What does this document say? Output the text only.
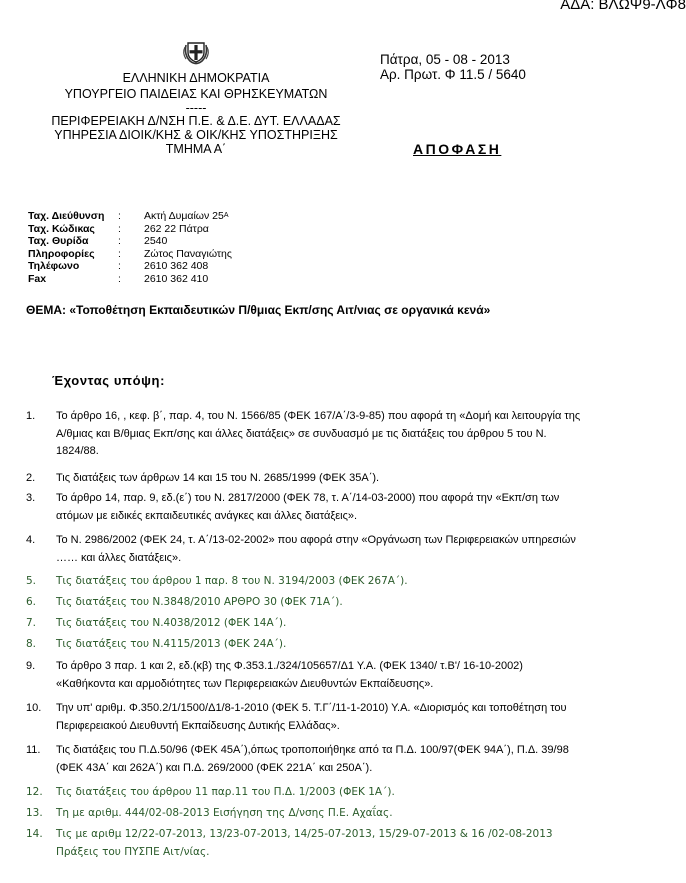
ΑΔΑ: ΒΛΩΨ9-ΛΦ8
ΕΛΛΗΝΙΚΗ ΔΗΜΟΚΡΑΤΙΑ
ΥΠΟΥΡΓΕΙΟ ΠΑΙΔΕΙΑΣ ΚΑΙ ΘΡΗΣΚΕΥΜΑΤΩΝ
-----
ΠΕΡΙΦΕΡΕΙΑΚΗ Δ/ΝΣΗ Π.Ε. & Δ.Ε. ΔΥΤ. ΕΛΛΑΔΑΣ
ΥΠΗΡΕΣΙΑ ΔΙΟΙΚ/ΚΗΣ & ΟΙΚ/ΚΗΣ ΥΠΟΣΤΗΡΙΞΗΣ
ΤΜΗΜΑ Α΄
Πάτρα, 05 - 08 - 2013
Αρ. Πρωτ. Φ 11.5 / 5640
ΑΠΟΦΑΣΗ
Ταχ. Διεύθυνση	:	Ακτή Δυμαίων 25 Α
Ταχ. Κώδικας	:	262 22 Πάτρα
Ταχ. Θυρίδα	:	2540
Πληροφορίες	:	Ζώτος Παναγιώτης
Τηλέφωνο	:	2610 362 408
Fax	:	2610 362 410
ΘΕΜΑ: «Τοποθέτηση Εκπαιδευτικών Π/θμιας Εκπ/σης Αιτ/νιας σε οργανικά κενά»
Έχοντας υπόψη:
1.	Το άρθρο 16, , κεφ. β΄, παρ. 4, του Ν. 1566/85 (ΦΕΚ 167/Α΄/3-9-85) που αφορά τη «Δομή και λειτουργία της
Α/θμιας και Β/θμιας Εκπ/σης και άλλες διατάξεις» σε συνδυασμό με τις διατάξεις του άρθρου 5 του Ν.
1824/88.
2.	Τις διατάξεις των άρθρων 14 και 15 του Ν. 2685/1999 (ΦΕΚ 35Α΄).
3.	Το άρθρο 14, παρ. 9, εδ.(ε΄) του Ν. 2817/2000 (ΦΕΚ 78, τ. Α΄/14-03-2000) που αφορά την «Εκπ/ση των
ατόμων με ειδικές εκπαιδευτικές ανάγκες και άλλες διατάξεις».
4.	Το Ν. 2986/2002 (ΦΕΚ 24, τ. Α΄/13-02-2002» που αφορά στην «Οργάνωση των Περιφερειακών υπηρεσιών
…… και άλλες διατάξεις».
5.	Τις διατάξεις του άρθρου 1 παρ. 8 του Ν. 3194/2003 (ΦΕΚ 267Α΄).
6.	Τις διατάξεις του Ν.3848/2010 ΑΡΘΡΟ 30 (ΦΕΚ 71Α΄).
7.	Τις διατάξεις του Ν.4038/2012 (ΦΕΚ 14Α΄).
8.	Τις διατάξεις του Ν.4115/2013 (ΦΕΚ 24Α΄).
9.	Το άρθρο 3 παρ. 1 και 2, εδ.(κβ) της Φ.353.1./324/105657/Δ1 Υ.Α. (ΦΕΚ 1340/ τ.Β'/ 16-10-2002)
«Καθήκοντα και αρμοδιότητες των Περιφερειακών Διευθυντών Εκπαίδευσης».
10.	Την υπ' αριθμ. Φ.350.2/1/1500/Δ1/8-1-2010 (ΦΕΚ 5. Τ.Γ΄/11-1-2010) Υ.Α. «Διορισμός και τοποθέτηση του
Περιφερειακού Διευθυντή Εκπαίδευσης Δυτικής Ελλάδας».
11.	Τις διατάξεις του Π.Δ.50/96 (ΦΕΚ 45Α΄),όπως τροποποιήθηκε από τα Π.Δ. 100/97(ΦΕΚ 94Α΄), Π.Δ. 39/98
(ΦΕΚ 43Α΄ και 262Α΄) και Π.Δ. 269/2000 (ΦΕΚ 221Α΄ και 250Α΄).
12.	Τις διατάξεις του άρθρου 11 παρ.11 του Π.Δ. 1/2003 (ΦΕΚ 1Α΄).
13.	Τη με αριθμ. 444/02-08-2013 Εισήγηση της Δ/νσης Π.Ε. Αχαΐας.
14.	Τις με αριθμ 12/22-07-2013, 13/23-07-2013, 14/25-07-2013, 15/29-07-2013 & 16 /02-08-2013
Πράξεις του ΠΥΣΠΕ Αιτ/νίας.
